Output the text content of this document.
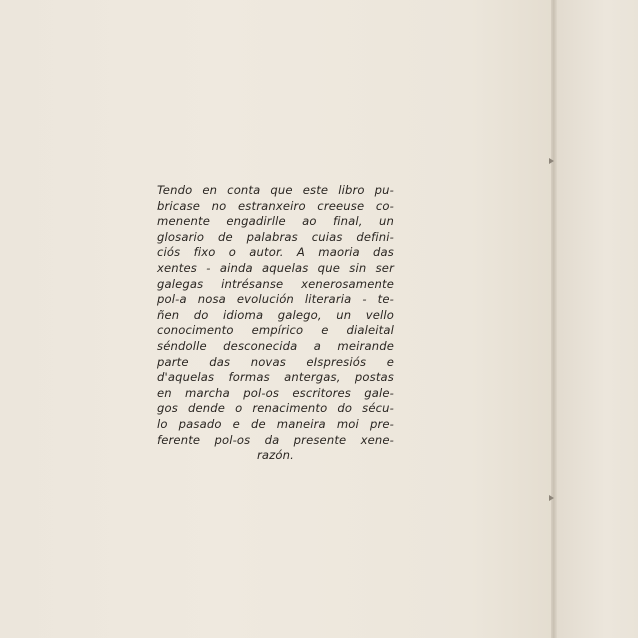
Tendo en conta que este libro pu-
bricase no estranxeiro creeuse co-
menente engadirlle ao final, un
glosario de palabras cuias defini-
ciós fixo o autor. A maoria das
xentes - ainda aquelas que sin ser
galegas intrésanse xenerosamente
pol-a nosa evolución literaria - te-
ñen do idioma galego, un vello
conocimento empírico e dialeital
séndolle desconecida a meirande
parte das novas eIspresiós e
d'aquelas formas antergas, postas
en marcha pol-os escritores gale-
gos dende o renacimento do sécu-
lo pasado e de maneira moi pre-
ferente pol-os da presente xene-
razón.
